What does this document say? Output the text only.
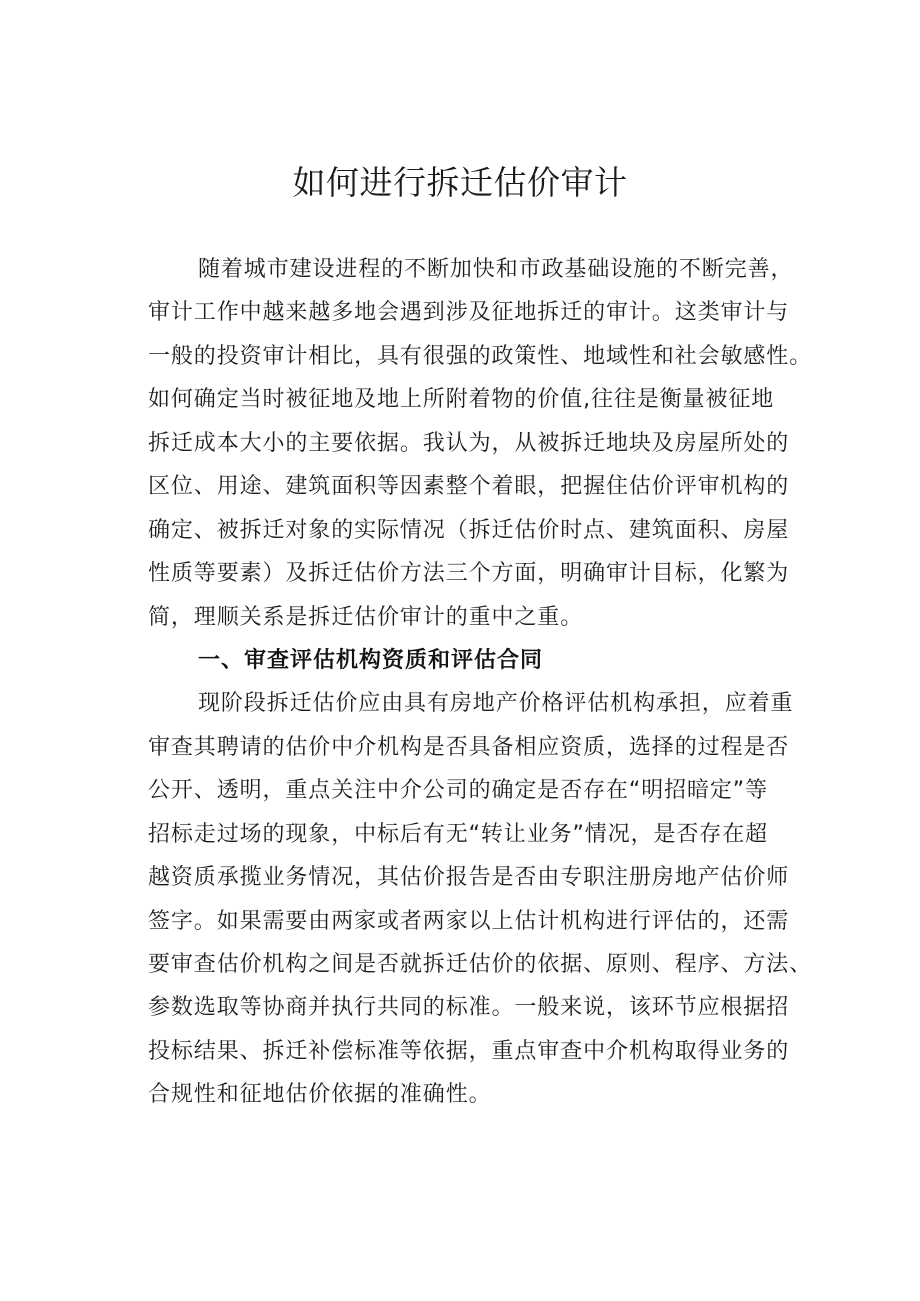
如何进行拆迁估价审计
随着城市建设进程的不断加快和市政基础设施的不断完善，
审计工作中越来越多地会遇到涉及征地拆迁的审计。这类审计与
一般的投资审计相比，具有很强的政策性、地域性和社会敏感性。
如何确定当时被征地及地上所附着物的价值,往往是衡量被征地
拆迁成本大小的主要依据。我认为，从被拆迁地块及房屋所处的
区位、用途、建筑面积等因素整个着眼，把握住估价评审机构的
确定、被拆迁对象的实际情况（拆迁估价时点、建筑面积、房屋
性质等要素）及拆迁估价方法三个方面，明确审计目标，化繁为
简，理顺关系是拆迁估价审计的重中之重。
一、审查评估机构资质和评估合同
现阶段拆迁估价应由具有房地产价格评估机构承担，应着重
审查其聘请的估价中介机构是否具备相应资质，选择的过程是否
公开、透明，重点关注中介公司的确定是否存在“明招暗定”等
招标走过场的现象，中标后有无“转让业务”情况，是否存在超
越资质承揽业务情况，其估价报告是否由专职注册房地产估价师
签字。如果需要由两家或者两家以上估计机构进行评估的，还需
要审查估价机构之间是否就拆迁估价的依据、原则、程序、方法、
参数选取等协商并执行共同的标准。一般来说，该环节应根据招
投标结果、拆迁补偿标准等依据，重点审查中介机构取得业务的
合规性和征地估价依据的准确性。
